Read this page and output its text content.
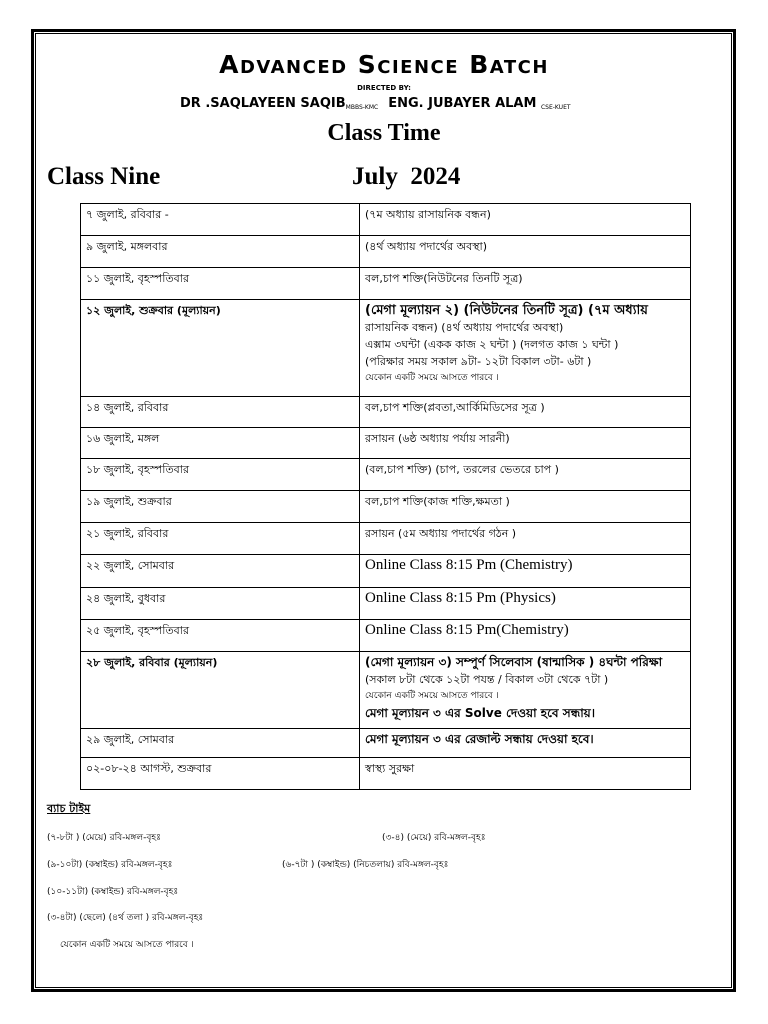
Advanced Science Batch
DIRECTED BY:
DR .SAQLAYEEN SAQIBMBBS-KMC ENG. JUBAYER ALAM CSE-KUET
Class Time
Class Nine	July  2024
৭ জুলাই, রবিবার -	(৭ম অধ্যায় রাসায়নিক বন্ধন)

৯ জুলাই, মঙ্গলবার	(৪র্থ অধ্যায় পদার্থের অবস্থা)

১১ জুলাই, বৃহস্পতিবার	বল,চাপ শক্তি(নিউটনের তিনটি সূত্র)

১২ জুলাই, শুক্রবার (মূল্যায়ন)	(মেগা মূল্যায়ন ২) (নিউটনের তিনটি সূত্র) (৭ম অধ্যায়
রাসায়নিক বন্ধন) (৪র্থ অধ্যায় পদার্থের অবস্থা)
এক্সাম ৩ঘন্টা (একক কাজ ২ ঘন্টা ) (দলগত কাজ ১ ঘন্টা )
(পরিক্ষার সময় সকাল ৯টা- ১২টা বিকাল ৩টা- ৬টা )
যেকোন একটি সময়ে আসতে পারবে ।

১৪ জুলাই, রবিবার	বল,চাপ শক্তি(প্লবতা,আর্কিমিডিসের সূত্র )

১৬ জুলাই, মঙ্গল	রসায়ন (৬ষ্ঠ অধ্যায় পর্যায় সারনী)

১৮ জুলাই, বৃহস্পতিবার	(বল,চাপ শক্তি) (চাপ, তরলের ভেতরে চাপ )

১৯ জুলাই, শুক্রবার	বল,চাপ শক্তি(কাজ শক্তি,ক্ষমতা )

২১ জুলাই, রবিবার	রসায়ন (৫ম অধ্যায় পদার্থের গঠন )

২২ জুলাই, সোমবার	Online Class 8:15 Pm (Chemistry)

২৪ জুলাই, বুধবার	Online Class 8:15 Pm (Physics)

২৫ জুলাই, বৃহস্পতিবার	Online Class 8:15 Pm(Chemistry)

২৮ জুলাই, রবিবার (মূল্যায়ন)	(মেগা মূল্যায়ন ৩) সম্পুর্ণ সিলেবাস (ষান্মাসিক ) ৪ঘন্টা পরিক্ষা
(সকাল ৮টা থেকে ১২টা পযন্ত / বিকাল ৩টা থেকে ৭টা )
যেকোন একটি সময়ে আসতে পারবে ।
মেগা মূল্যায়ন ৩ এর Solve দেওয়া হবে সন্ধায়।

২৯ জুলাই, সোমবার	মেগা মূল্যায়ন ৩ এর রেজাল্ট সন্ধায় দেওয়া হবে।

০২-০৮-২৪ আগস্ট, শুক্রবার	স্বাস্থ্য সুরক্ষা
ব্যাচ টাইম
(৭-৮টা ) (মেয়ে) রবি-মঙ্গল-বৃহঃ	(৩-৪) (মেয়ে) রবি-মঙ্গল-বৃহঃ
(৯-১০টা) (কম্বাইন্ড) রবি-মঙ্গল-বৃহঃ	(৬-৭টা ) (কম্বাইন্ড) (নিচতলায়) রবি-মঙ্গল-বৃহঃ
(১০-১১টা) (কম্বাইন্ড) রবি-মঙ্গল-বৃহঃ
(৩-৪টা) (ছেলে) (৪র্থ তলা ) রবি-মঙ্গল-বৃহঃ
যেকোন একটি সময়ে আসতে পারবে ।
